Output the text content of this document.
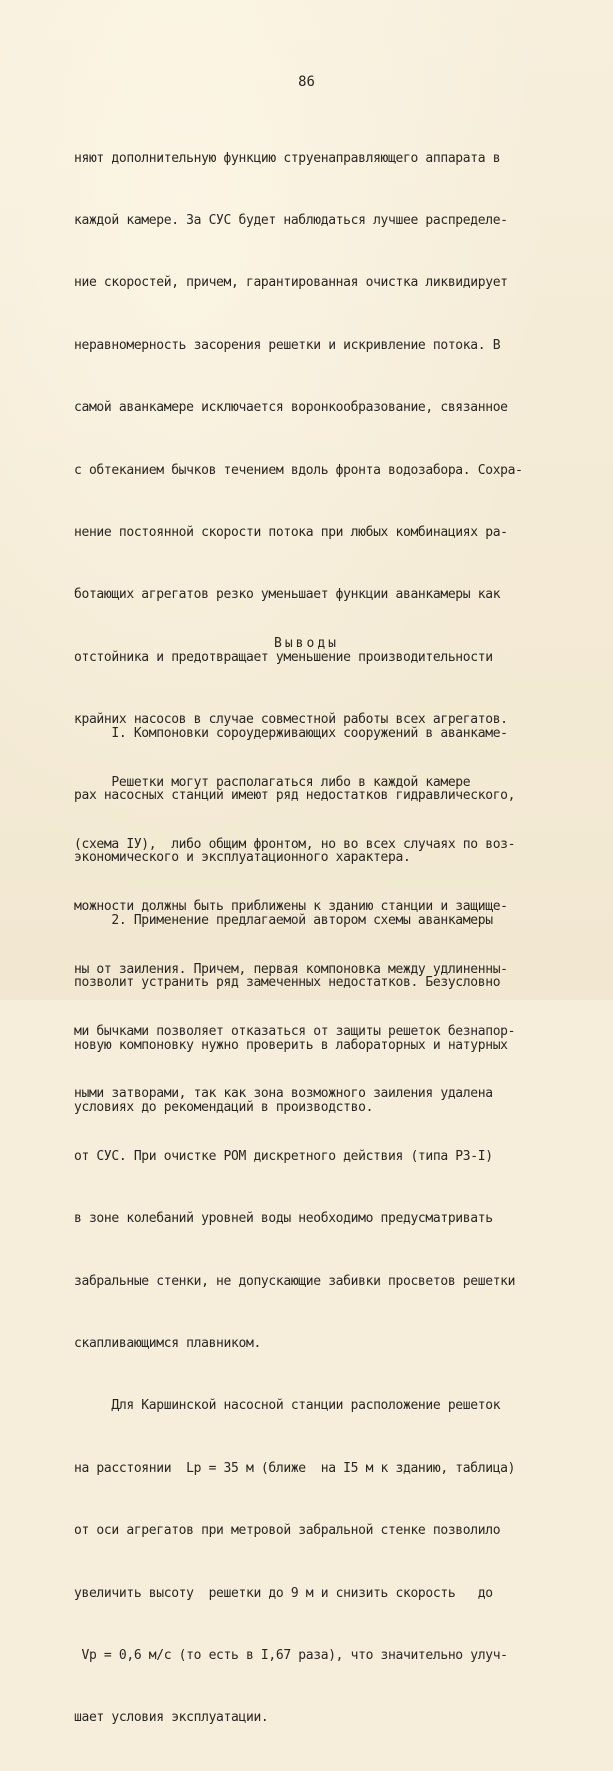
86

няют дополнительную функцию струенаправляющего аппарата в

каждой камере. За СУС будет наблюдаться лучшее распределе-

ние скоростей, причем, гарантированная очистка ликвидирует

неравномерность засорения решетки и искривление потока. В

самой аванкамере исключается воронкообразование, связанное

с обтеканием бычков течением вдоль фронта водозабора. Сохра-

нение постоянной скорости потока при любых комбинациях ра-

ботающих агрегатов резко уменьшает функции аванкамеры как

отстойника и предотвращает уменьшение производительности

крайних насосов в случае совместной работы всех агрегатов.

Решетки могут располагаться либо в каждой камере

(схема IУ),  либо общим фронтом, но во всех случаях по воз-

можности должны быть приближены к зданию станции и защище-

ны от заиления. Причем, первая компоновка между удлиненны-

ми бычками позволяет отказаться от защиты решеток безнапор-

ными затворами, так как зона возможного заиления удалена

от СУС. При очистке РОМ дискретного действия (типа РЗ-I)

в зоне колебаний уровней воды необходимо предусматривать

забральные стенки, не допускающие забивки просветов решетки

скапливающимся плавником.

Для Каршинской насосной станции расположение решеток

на расстоянии  Lр = 35 м (ближе  на I5 м к зданию, таблица)

от оси агрегатов при метровой забральной стенке позволило

увеличить высоту  решетки до 9 м и снизить скорость   до

Vр = 0,6 м/с (то есть в I,67 раза), что значительно улуч-

шает условия эксплуатации.

Выводы

I. Компоновки сороудерживающих сооружений в аванкаме-

рах насосных станций имеют ряд недостатков гидравлического,

экономического и эксплуатационного характера.

2. Применение предлагаемой автором схемы аванкамеры

позволит устранить ряд замеченных недостатков. Безусловно

новую компоновку нужно проверить в лабораторных и натурных

условиях до рекомендаций в производство.
